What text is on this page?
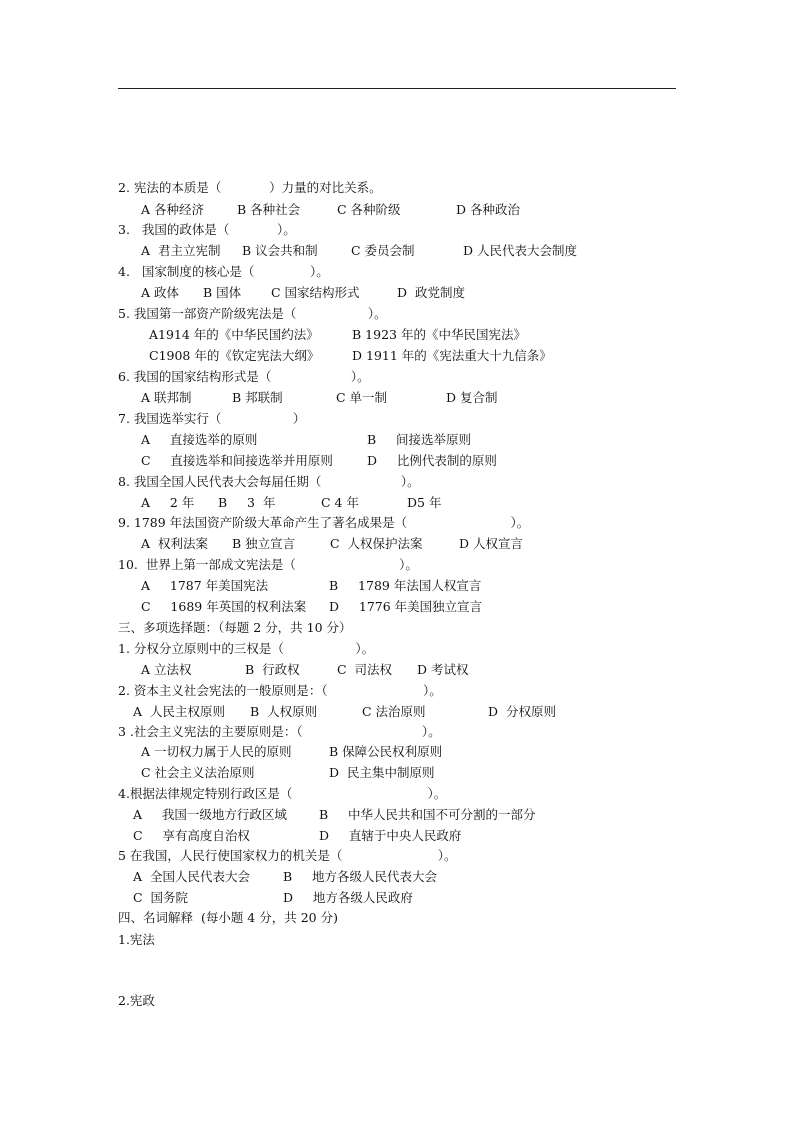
2. 宪法的本质是（            ）力量的对比关系。
A 各种经济	B 各种社会	C 各种阶级	D 各种政治
3.   我国的政体是（            ）。
A  君主立宪制 B 议会共和制	C 委员会制	D 人民代表大会制度
4.   国家制度的核心是（              ）。
A 政体 B 国体 C 国家结构形式	D  政党制度
5. 我国第一部资产阶级宪法是（                  ）。
A1914 年的《中华民国约法》	B 1923 年的《中华民国宪法》
C1908 年的《钦定宪法大纲》	D 1911 年的《宪法重大十九信条》
6. 我国的国家结构形式是（                    ）。
A 联邦制	B 邦联制	C 单一制	D 复合制
7. 我国选举实行（                  ）
A     直接选举的原则	B     间接选举原则
C     直接选举和间接选举并用原则	D     比例代表制的原则
8. 我国全国人民代表大会每届任期（                    ）。
A     2 年 B     3  年	C 4 年	D5 年
9. 1789 年法国资产阶级大革命产生了著名成果是（                          ）。
A  权利法案 B 独立宣言	C  人权保护法案	D 人权宣言
10.  世界上第一部成文宪法是（                          ）。
A     1787 年美国宪法	B     1789 年法国人权宣言
C     1689 年英国的权利法案 D     1776 年美国独立宣言
三、多项选择题：（每题 2 分，共 10 分）
1. 分权分立原则中的三权是（                  ）。
A 立法权	B  行政权	C  司法权 D 考试权
2. 资本主义社会宪法的一般原则是：（                        ）。
A  人民主权原则 B  人权原则	C 法治原则	D  分权原则
3 .社会主义宪法的主要原则是：（                              ）。
A 一切权力属于人民的原则	B 保障公民权利原则
C 社会主义法治原则	D  民主集中制原则
4.根据法律规定特别行政区是（                                  ）。
A     我国一级地方行政区域	B     中华人民共和国不可分割的一部分
C     享有高度自治权	D     直辖于中央人民政府
5 在我国，人民行使国家权力的机关是（                        ）。
A  全国人民代表大会	B     地方各级人民代表大会
C  国务院	D     地方各级人民政府
四、名词解释  (每小题 4 分，共 20 分)
1.宪法
2.宪政
